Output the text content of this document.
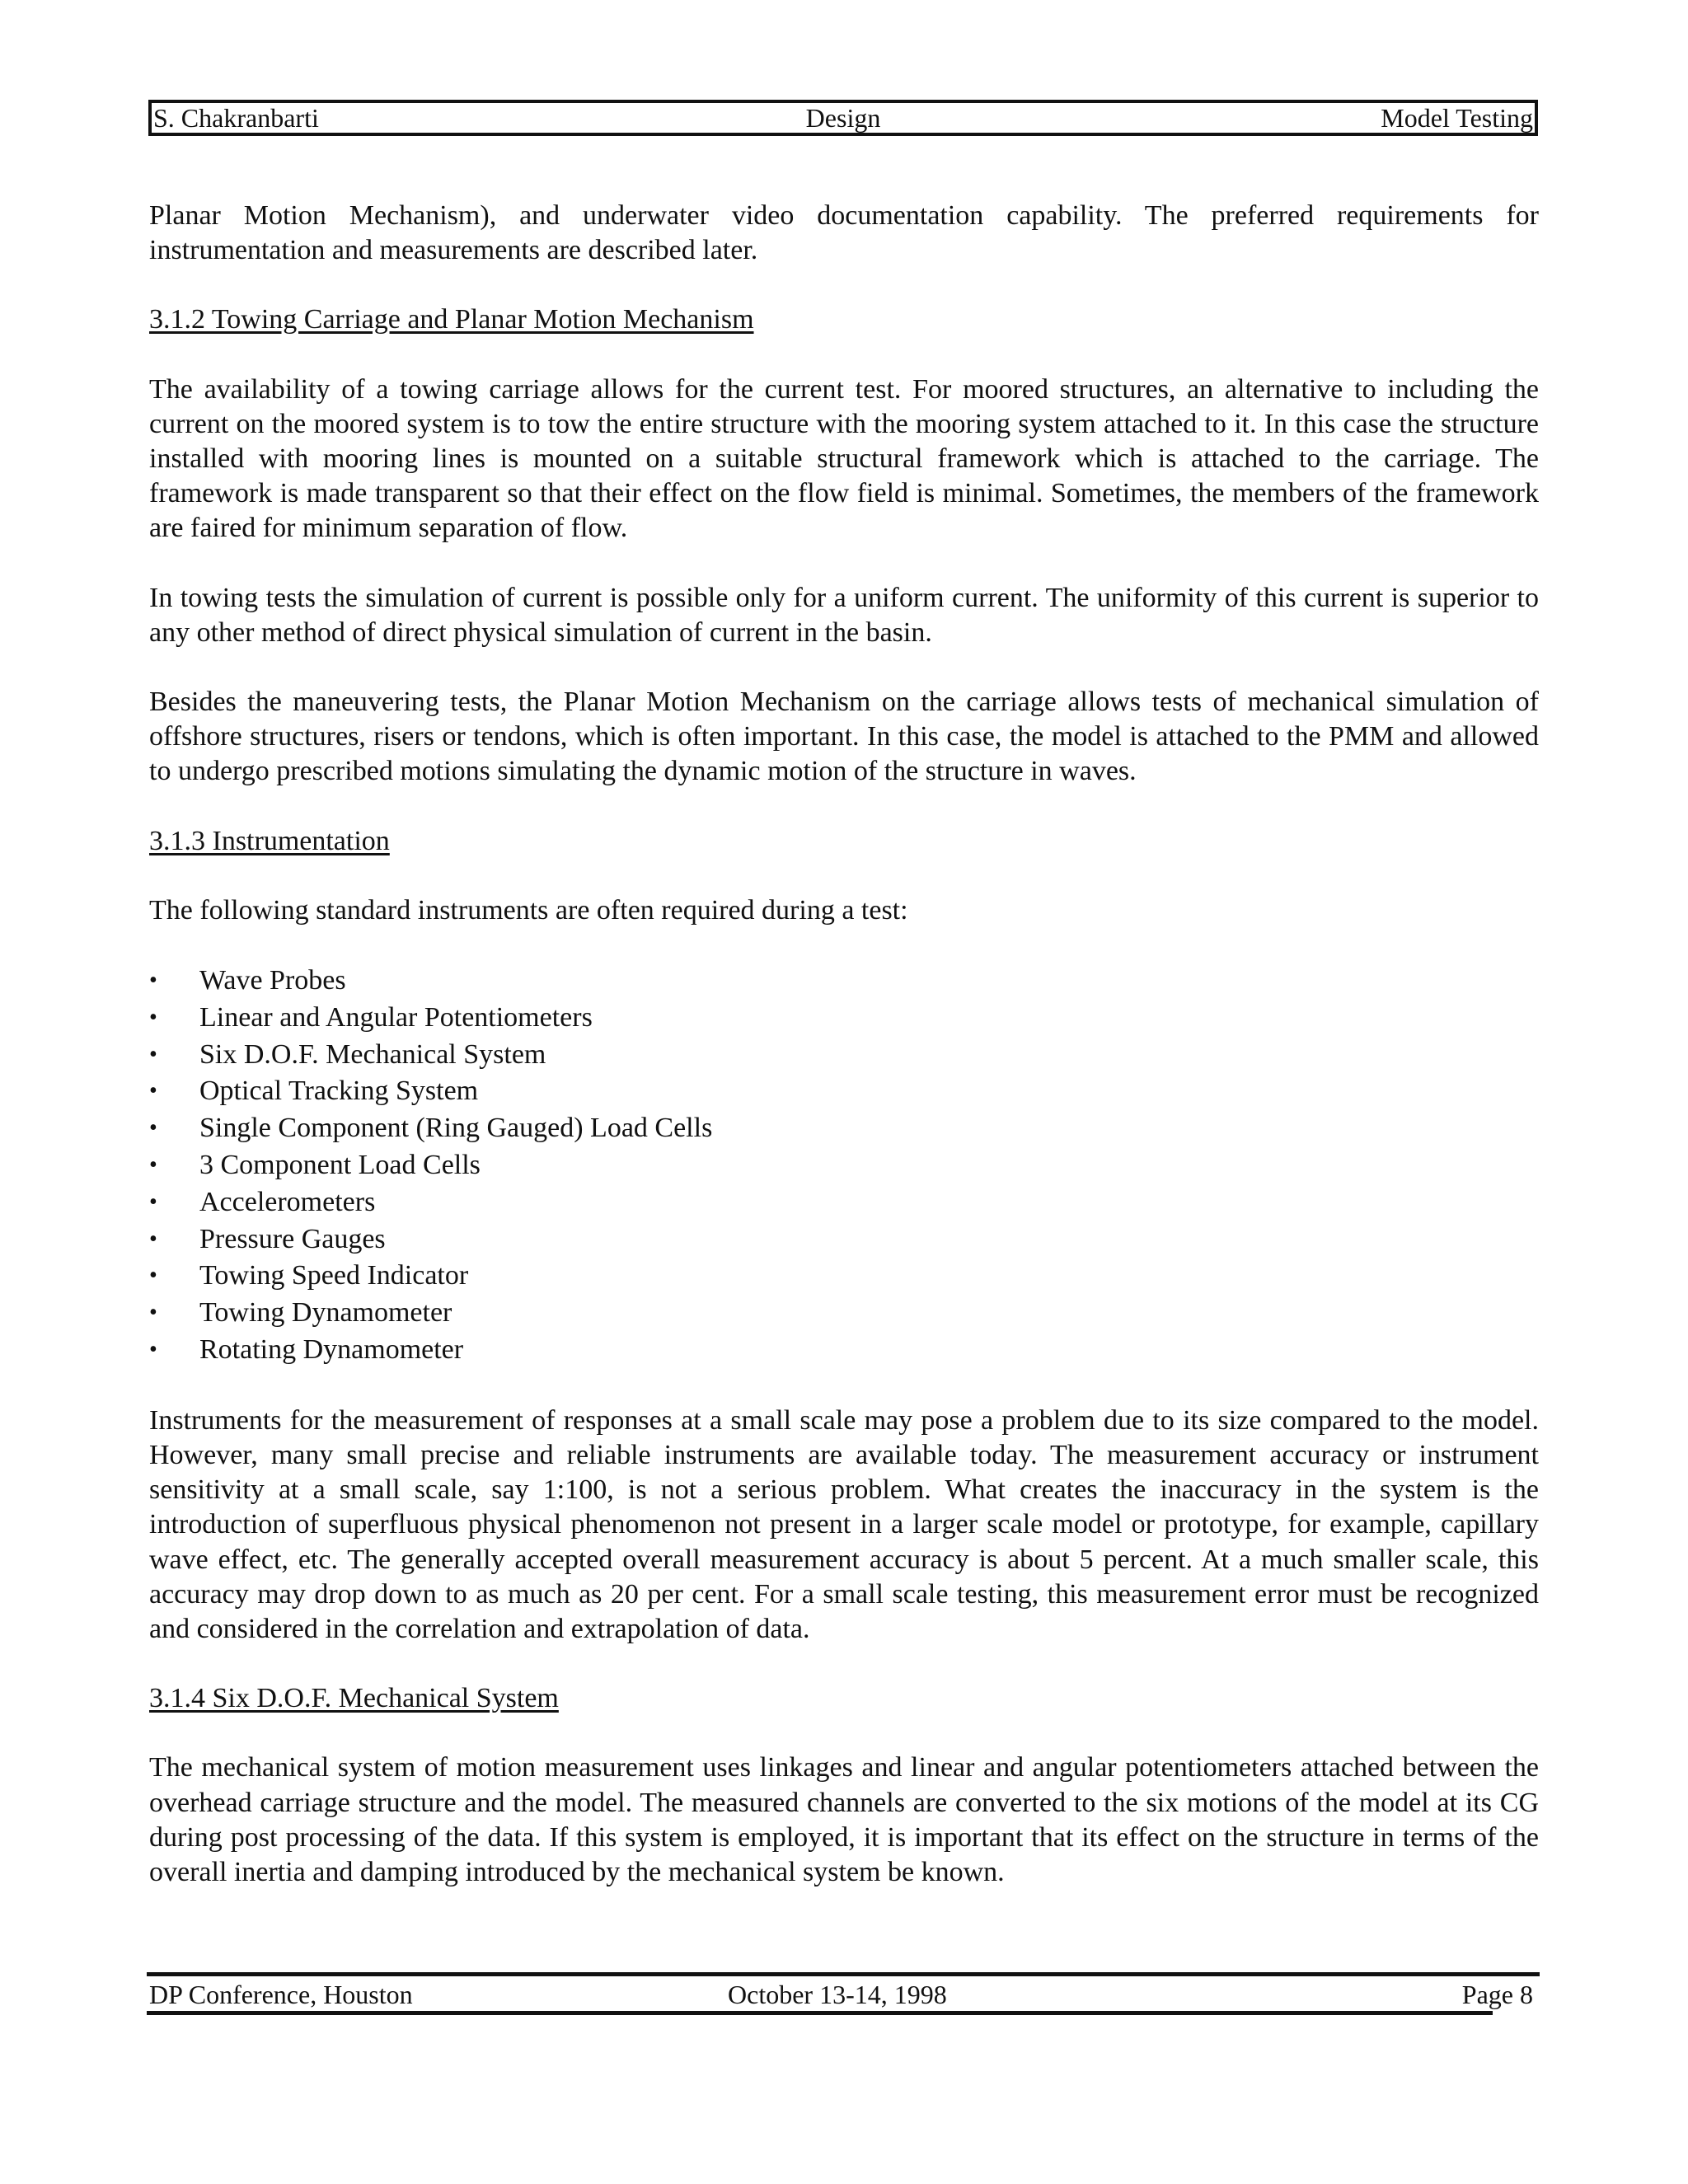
S. Chakranbarti	Design	Model Testing

Planar Motion Mechanism), and underwater video documentation capability. The preferred requirements for instrumentation and measurements are described later.

3.1.2 Towing Carriage and Planar Motion Mechanism

The availability of a towing carriage allows for the current test. For moored structures, an alternative to including the current on the moored system is to tow the entire structure with the mooring system attached to it. In this case the structure installed with mooring lines is mounted on a suitable structural framework which is attached to the carriage. The framework is made transparent so that their effect on the flow field is minimal. Sometimes, the members of the framework are faired for minimum separation of flow.

In towing tests the simulation of current is possible only for a uniform current. The uniformity of this current is superior to any other method of direct physical simulation of current in the basin.

Besides the maneuvering tests, the Planar Motion Mechanism on the carriage allows tests of mechanical simulation of offshore structures, risers or tendons, which is often important. In this case, the model is attached to the PMM and allowed to undergo prescribed motions simulating the dynamic motion of the structure in waves.

3.1.3 Instrumentation

The following standard instruments are often required during a test:

• Wave Probes
• Linear and Angular Potentiometers
• Six D.O.F. Mechanical System
• Optical Tracking System
• Single Component (Ring Gauged) Load Cells
• 3 Component Load Cells
• Accelerometers
• Pressure Gauges
• Towing Speed Indicator
• Towing Dynamometer
• Rotating Dynamometer

Instruments for the measurement of responses at a small scale may pose a problem due to its size compared to the model. However, many small precise and reliable instruments are available today. The measurement accuracy or instrument sensitivity at a small scale, say 1:100, is not a serious problem. What creates the inaccuracy in the system is the introduction of superfluous physical phenomenon not present in a larger scale model or prototype, for example, capillary wave effect, etc. The generally accepted overall measurement accuracy is about 5 percent. At a much smaller scale, this accuracy may drop down to as much as 20 per cent. For a small scale testing, this measurement error must be recognized and considered in the correlation and extrapolation of data.

3.1.4 Six D.O.F. Mechanical System

The mechanical system of motion measurement uses linkages and linear and angular potentiometers attached between the overhead carriage structure and the model. The measured channels are converted to the six motions of the model at its CG during post processing of the data. If this system is employed, it is important that its effect on the structure in terms of the overall inertia and damping introduced by the mechanical system be known.

DP Conference, Houston	October 13-14, 1998	Page 8
